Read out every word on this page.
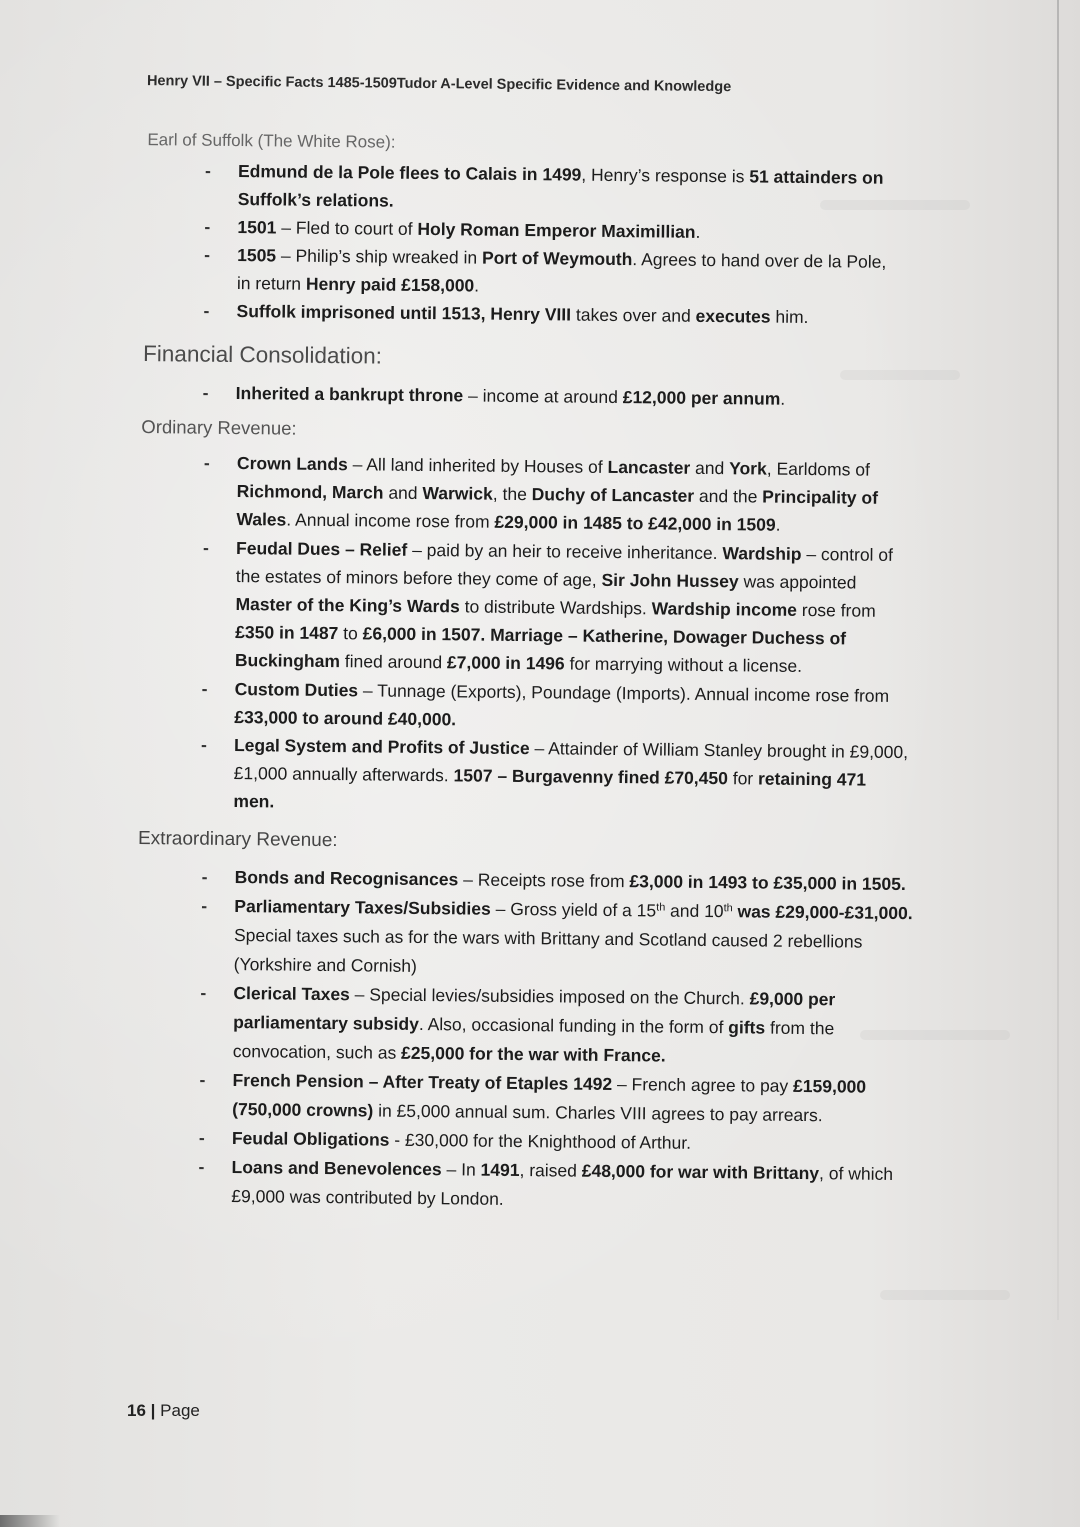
Henry VII – Specific Facts 1485-1509Tudor A-Level Specific Evidence and Knowledge
Earl of Suffolk (The White Rose):
- Edmund de la Pole flees to Calais in 1499, Henry’s response is 51 attainders on
Suffolk’s relations.
- 1501 – Fled to court of Holy Roman Emperor Maximillian.
- 1505 – Philip’s ship wreaked in Port of Weymouth. Agrees to hand over de la Pole,
in return Henry paid £158,000.
- Suffolk imprisoned until 1513, Henry VIII takes over and executes him.
Financial Consolidation:
- Inherited a bankrupt throne – income at around £12,000 per annum.
Ordinary Revenue:
- Crown Lands – All land inherited by Houses of Lancaster and York, Earldoms of
Richmond, March and Warwick, the Duchy of Lancaster and the Principality of
Wales. Annual income rose from £29,000 in 1485 to £42,000 in 1509.
- Feudal Dues – Relief – paid by an heir to receive inheritance. Wardship – control of
the estates of minors before they come of age, Sir John Hussey was appointed
Master of the King’s Wards to distribute Wardships. Wardship income rose from
£350 in 1487 to £6,000 in 1507. Marriage – Katherine, Dowager Duchess of
Buckingham fined around £7,000 in 1496 for marrying without a license.
- Custom Duties – Tunnage (Exports), Poundage (Imports). Annual income rose from
£33,000 to around £40,000.
- Legal System and Profits of Justice – Attainder of William Stanley brought in £9,000,
£1,000 annually afterwards. 1507 – Burgavenny fined £70,450 for retaining 471
men.
Extraordinary Revenue:
- Bonds and Recognisances – Receipts rose from £3,000 in 1493 to £35,000 in 1505.
- Parliamentary Taxes/Subsidies – Gross yield of a 15th and 10th was £29,000-£31,000.
Special taxes such as for the wars with Brittany and Scotland caused 2 rebellions
(Yorkshire and Cornish)
- Clerical Taxes – Special levies/subsidies imposed on the Church. £9,000 per
parliamentary subsidy. Also, occasional funding in the form of gifts from the
convocation, such as £25,000 for the war with France.
- French Pension – After Treaty of Etaples 1492 – French agree to pay £159,000
(750,000 crowns) in £5,000 annual sum. Charles VIII agrees to pay arrears.
- Feudal Obligations - £30,000 for the Knighthood of Arthur.
- Loans and Benevolences – In 1491, raised £48,000 for war with Brittany, of which
£9,000 was contributed by London.
16 | Page
